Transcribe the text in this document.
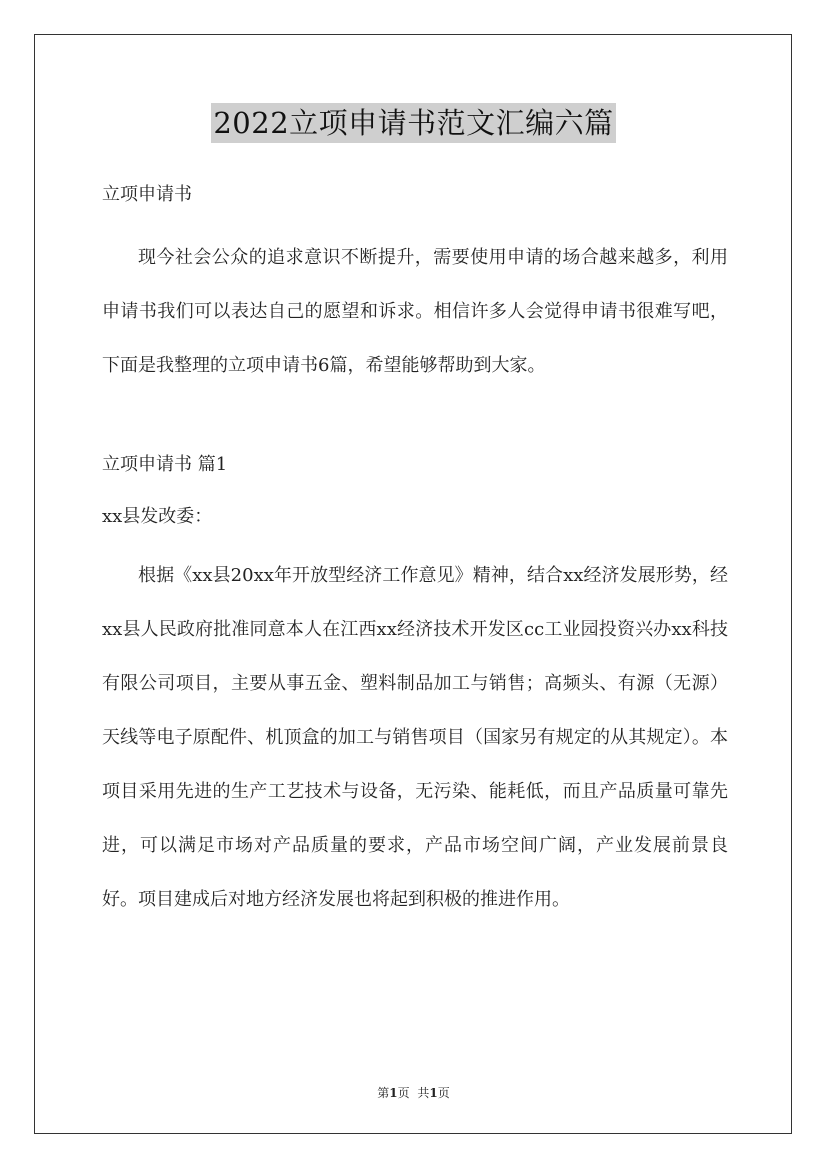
2022立项申请书范文汇编六篇
立项申请书
现今社会公众的追求意识不断提升，需要使用申请的场合越来越多，利用申请书我们可以表达自己的愿望和诉求。相信许多人会觉得申请书很难写吧，下面是我整理的立项申请书6篇，希望能够帮助到大家。
立项申请书 篇1
xx县发改委：
根据《xx县20xx年开放型经济工作意见》精神，结合xx经济发展形势，经xx县人民政府批准同意本人在江西xx经济技术开发区cc工业园投资兴办xx科技有限公司项目，主要从事五金、塑料制品加工与销售；高频头、有源（无源）天线等电子原配件、机顶盒的加工与销售项目（国家另有规定的从其规定）。本项目采用先进的生产工艺技术与设备，无污染、能耗低，而且产品质量可靠先进，可以满足市场对产品质量的要求，产品市场空间广阔，产业发展前景良好。项目建成后对地方经济发展也将起到积极的推进作用。
第1页 共1页
